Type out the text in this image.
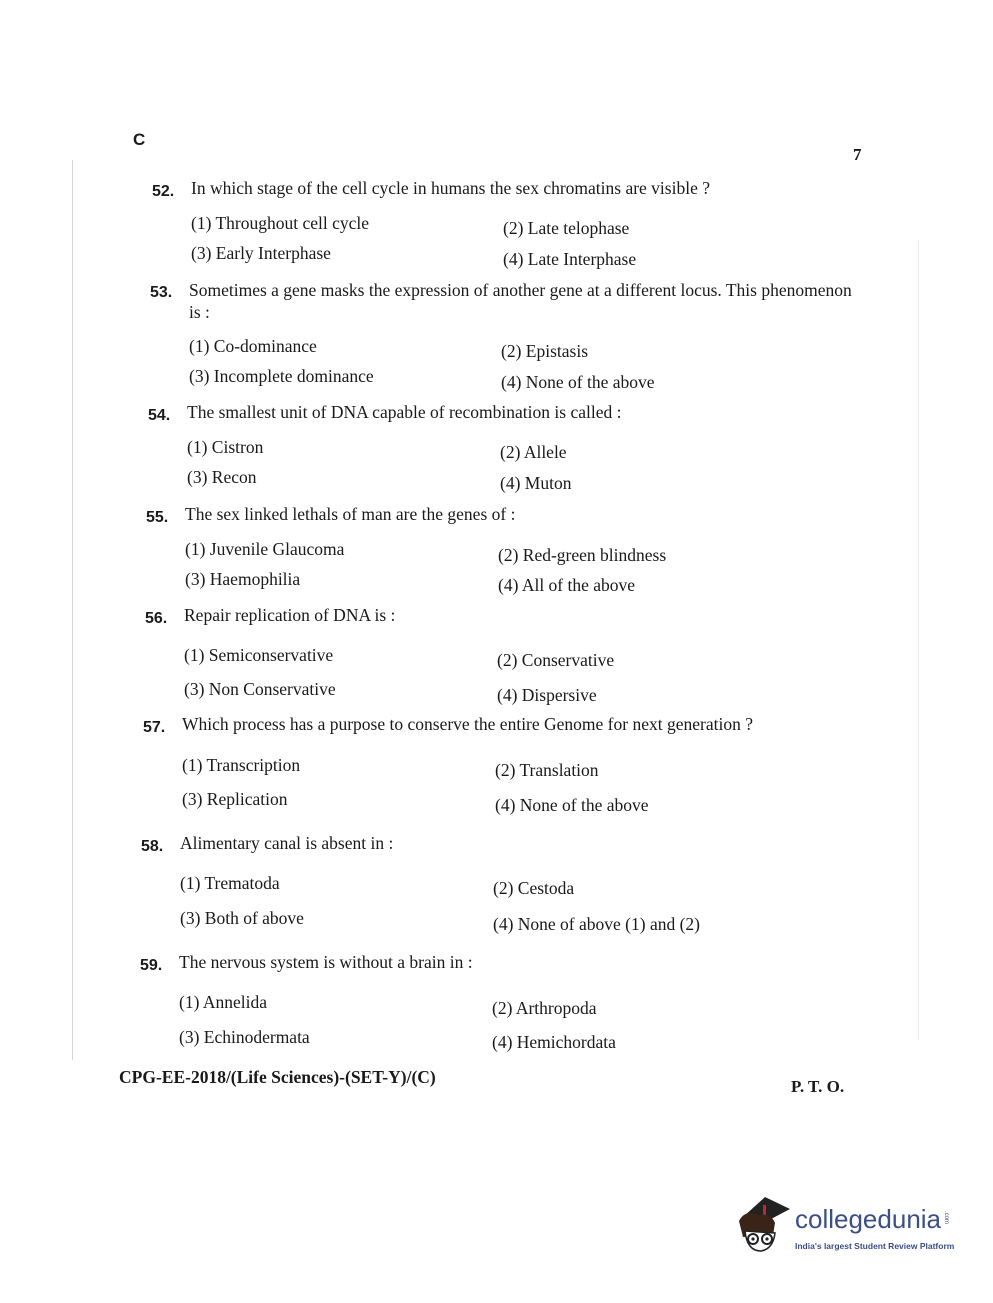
C
7
52. In which stage of the cell cycle in humans the sex chromatins are visible ?
(1) Throughout cell cycle	(2) Late telophase
(3) Early Interphase	(4) Late Interphase
53. Sometimes a gene masks the expression of another gene at a different locus. This phenomenon is :
(1) Co-dominance	(2) Epistasis
(3) Incomplete dominance	(4) None of the above
54. The smallest unit of DNA capable of recombination is called :
(1) Cistron	(2) Allele
(3) Recon	(4) Muton
55. The sex linked lethals of man are the genes of :
(1) Juvenile Glaucoma	(2) Red-green blindness
(3) Haemophilia	(4) All of the above
56. Repair replication of DNA is :
(1) Semiconservative	(2) Conservative
(3) Non Conservative	(4) Dispersive
57. Which process has a purpose to conserve the entire Genome for next generation ?
(1) Transcription	(2) Translation
(3) Replication	(4) None of the above
58. Alimentary canal is absent in :
(1) Trematoda	(2) Cestoda
(3) Both of above	(4) None of above (1) and (2)
59. The nervous system is without a brain in :
(1) Annelida	(2) Arthropoda
(3) Echinodermata	(4) Hemichordata
CPG-EE-2018/(Life Sciences)-(SET-Y)/(C)	P. T. O.
collegedunia .com
India's largest Student Review Platform
